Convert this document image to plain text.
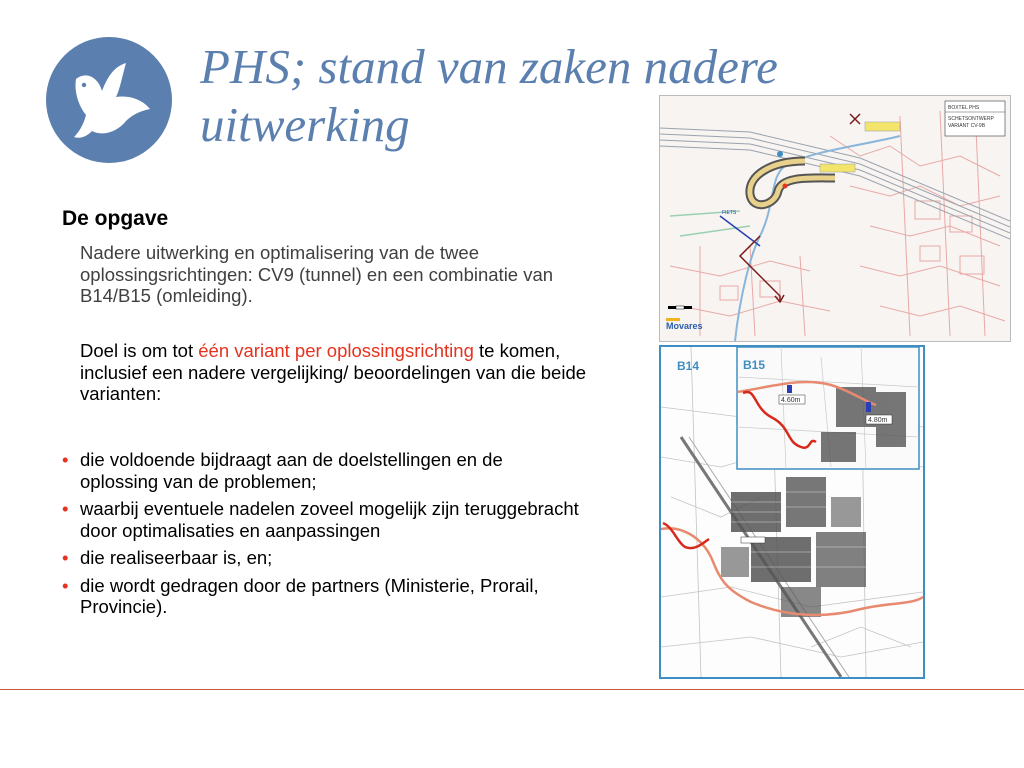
PHS; stand van zaken nadere uitwerking
De opgave
Nadere uitwerking en optimalisering van de twee oplossingsrichtingen: CV9 (tunnel) en een combinatie van B14/B15 (omleiding).
Doel is om tot één variant per oplossingsrichting te komen, inclusief een nadere vergelijking/ beoordelingen van die beide varianten:
• die voldoende bijdraagt aan de doelstellingen en de oplossing van de problemen;
• waarbij eventuele nadelen zoveel mogelijk zijn teruggebracht door optimalisaties en aanpassingen
• die realiseerbaar is, en;
• die wordt gedragen door de partners (Ministerie, Prorail, Provincie).
FIETS
BOXTEL PHS
SCHETSONTWERP
VARIANT CV-9B
Movares
4.60m
4.80m
B14	B15
